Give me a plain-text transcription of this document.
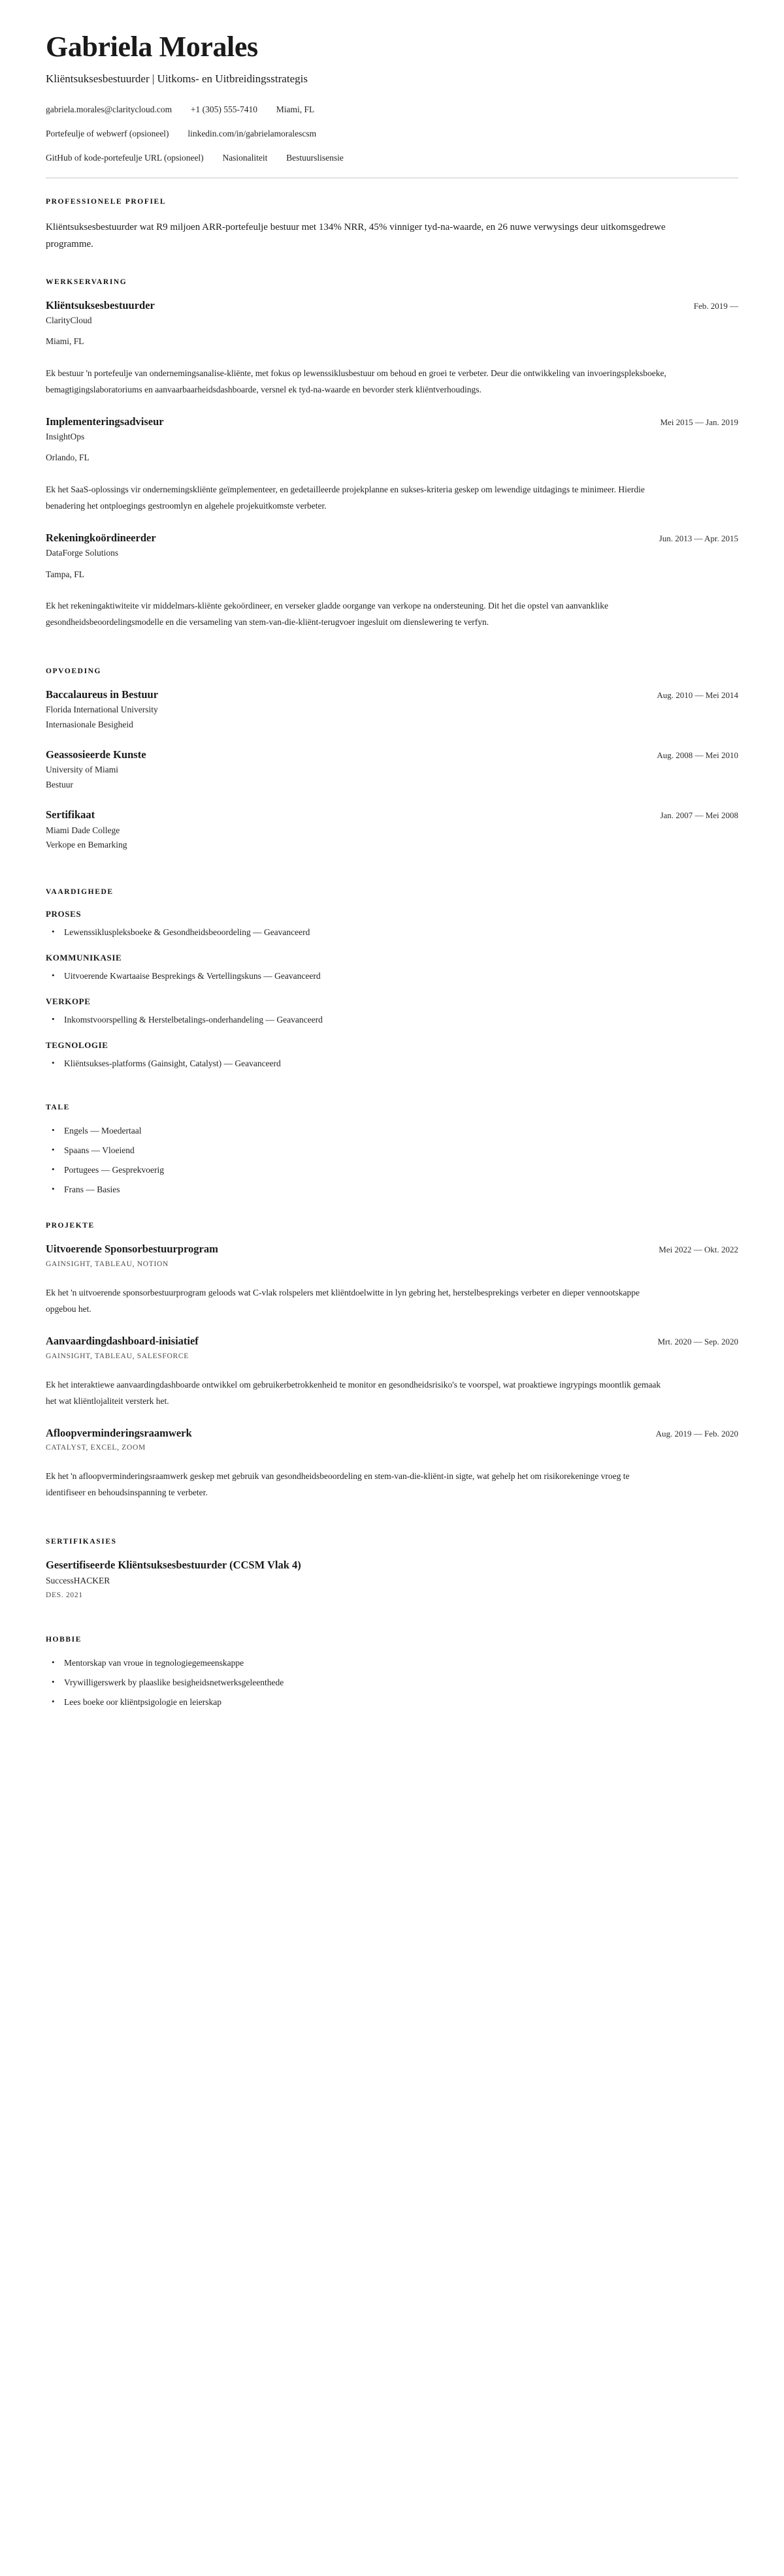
Gabriela Morales

Kliëntsuksesbestuurder | Uitkoms- en Uitbreidingsstrategis

gabriela.morales@claritycloud.com +1 (305) 555-7410 Miami, FL

Portefeulje of webwerf (opsioneel) linkedin.com/in/gabrielamoralescsm

GitHub of kode-portefeulje URL (opsioneel) Nasionaliteit Bestuurslisensie

PROFESSIONELE PROFIEL

Kliëntsuksesbestuurder wat R9 miljoen ARR-portefeulje bestuur met 134% NRR, 45% vinniger tyd-na-waarde, en 26 nuwe verwysings deur uitkomsgedrewe programme.

WERKSERVARING
Kliëntsuksesbestuurder	Feb. 2019 —

ClarityCloud

Miami, FL

Ek bestuur 'n portefeulje van ondernemingsanalise-kliënte, met fokus op lewenssiklusbestuur om behoud en groei te verbeter. Deur die ontwikkeling van invoeringspleksboeke, bemagtigingslaboratoriums en aanvaarbaarheidsdashboarde, versnel ek tyd-na-waarde en bevorder sterk kliëntverhoudings.

Implementeringsadviseur	Mei 2015 — Jan. 2019

InsightOps

Orlando, FL

Ek het SaaS-oplossings vir ondernemingskliënte geïmplementeer, en gedetailleerde projekplanne en sukses-kriteria geskep om lewendige uitdagings te minimeer. Hierdie benadering het ontploegings gestroomlyn en algehele projekuitkomste verbeter.

Rekeningkoördineerder	Jun. 2013 — Apr. 2015

DataForge Solutions

Tampa, FL

Ek het rekeningaktiwiteite vir middelmars-kliënte gekoördineer, en verseker gladde oorgange van verkope na ondersteuning. Dit het die opstel van aanvanklike gesondheidsbeoordelingsmodelle en die versameling van stem-van-die-kliënt-terugvoer ingesluit om dienslewering te verfyn.

OPVOEDING
Baccalaureus in Bestuur	Aug. 2010 — Mei 2014

Florida International University

Internasionale Besigheid

Geassosieerde Kunste	Aug. 2008 — Mei 2010

University of Miami

Bestuur

Sertifikaat	Jan. 2007 — Mei 2008

Miami Dade College

Verkope en Bemarking

VAARDIGHEDE
PROSES
• Lewenssikluspleksboeke & Gesondheidsbeoordeling — Geavanceerd
KOMMUNIKASIE
• Uitvoerende Kwartaaise Besprekings & Vertellingskuns — Geavanceerd
VERKOPE
• Inkomstvoorspelling & Herstelbetalings-onderhandeling — Geavanceerd
TEGNOLOGIE
• Kliëntsukses-platforms (Gainsight, Catalyst) — Geavanceerd
TALE
• Engels — Moedertaal
• Spaans — Vloeiend
• Portugees — Gesprekvoerig
• Frans — Basies
PROJEKTE
Uitvoerende Sponsorbestuurprogram	Mei 2022 — Okt. 2022

GAINSIGHT, TABLEAU, NOTION

Ek het 'n uitvoerende sponsorbestuurprogram geloods wat C-vlak rolspelers met kliëntdoelwitte in lyn gebring het, herstelbesprekings verbeter en dieper vennootskappe opgebou het.

Aanvaardingdashboard-inisiatief	Mrt. 2020 — Sep. 2020

GAINSIGHT, TABLEAU, SALESFORCE

Ek het interaktiewe aanvaardingdashboarde ontwikkel om gebruikerbetrokkenheid te monitor en gesondheidsrisiko's te voorspel, wat proaktiewe ingrypings moontlik gemaak het wat kliëntlojaliteit versterk het.

Afloopverminderingsraamwerk	Aug. 2019 — Feb. 2020

CATALYST, EXCEL, ZOOM

Ek het 'n afloopverminderingsraamwerk geskep met gebruik van gesondheidsbeoordeling en stem-van-die-kliënt-in sigte, wat gehelp het om risikorekeninge vroeg te identifiseer en behoudsinspanning te verbeter.

SERTIFIKASIES
Gesertifiseerde Kliëntsuksesbestuurder (CCSM Vlak 4)

SuccessHACKER

DES. 2021

HOBBIE
• Mentorskap van vroue in tegnologiegemeenskappe
• Vrywilligerswerk by plaaslike besigheidsnetwerksgeleenthede
• Lees boeke oor kliëntpsigologie en leierskap
